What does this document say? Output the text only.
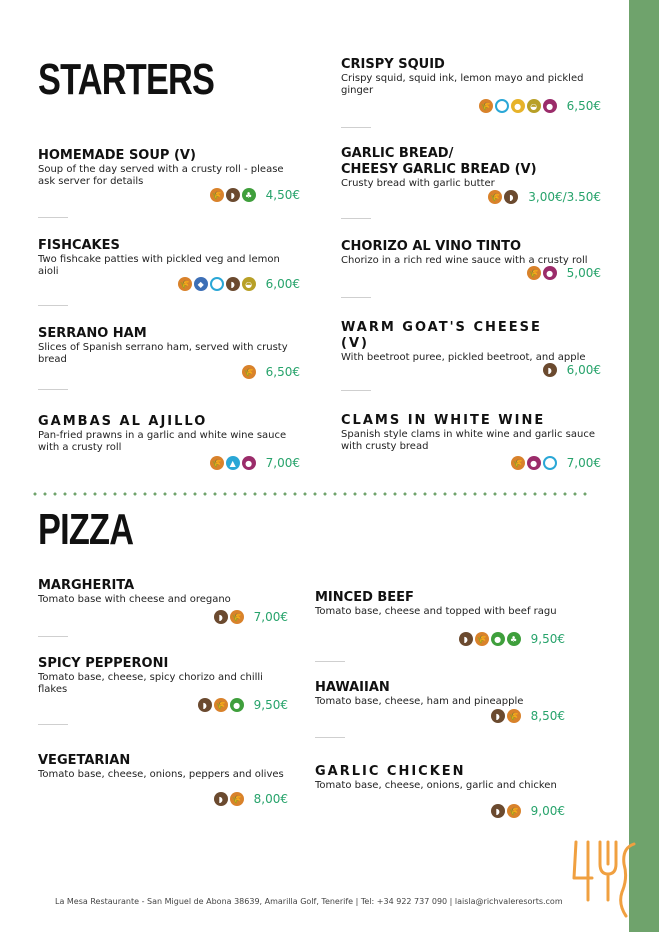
STARTERS

HOMEMADE SOUP (V)

Soup of the day served with a crusty roll - please ask server for details

🌾	◗	♣ 4,50€

FISHCAKES

Two fishcake patties with pickled veg and lemon aioli

🌾 ◆	◗	◒ 6,00€

SERRANO HAM

Slices of Spanish serrano ham, served with crusty bread

🌾 6,50€

GAMBAS AL AJILLO

Pan-fried prawns in a garlic and white wine sauce with a crusty roll

🌾 ▲	● 7,00€

CRISPY SQUID

Crispy squid, squid ink, lemon mayo and pickled ginger

🌾	●	◒	● 6,50€

GARLIC BREAD/
CHEESY GARLIC BREAD (V)

Crusty bread with garlic butter

🌾	◗	3,00€/3.50€

CHORIZO AL VINO TINTO

Chorizo in a rich red wine sauce with a crusty roll

🌾 ● 5,00€

WARM GOAT'S CHEESE
(V)

With beetroot puree, pickled beetroot, and apple

◗	6,00€

CLAMS IN WHITE WINE

Spanish style clams in white wine and garlic sauce with crusty bread

🌾 ● 7,00€
PIZZA

MARGHERITA

Tomato base with cheese and oregano

◗	🌾 7,00€

SPICY PEPPERONI

Tomato base, cheese, spicy chorizo and chilli flakes

◗	🌾 ● 9,50€

VEGETARIAN

Tomato base, cheese, onions, peppers and olives

◗	🌾 8,00€

MINCED BEEF

Tomato base, cheese and topped with beef ragu

◗	🌾 ●	♣ 9,50€

HAWAIIAN

Tomato base, cheese, ham and pineapple

◗	🌾 8,50€

GARLIC CHICKEN

Tomato base, cheese, onions, garlic and chicken

◗	🌾 9,00€
La Mesa Restaurante - San Miguel de Abona 38639, Amarilla Golf, Tenerife | Tel: +34 922 737 090 | laisla@richvaleresorts.com
